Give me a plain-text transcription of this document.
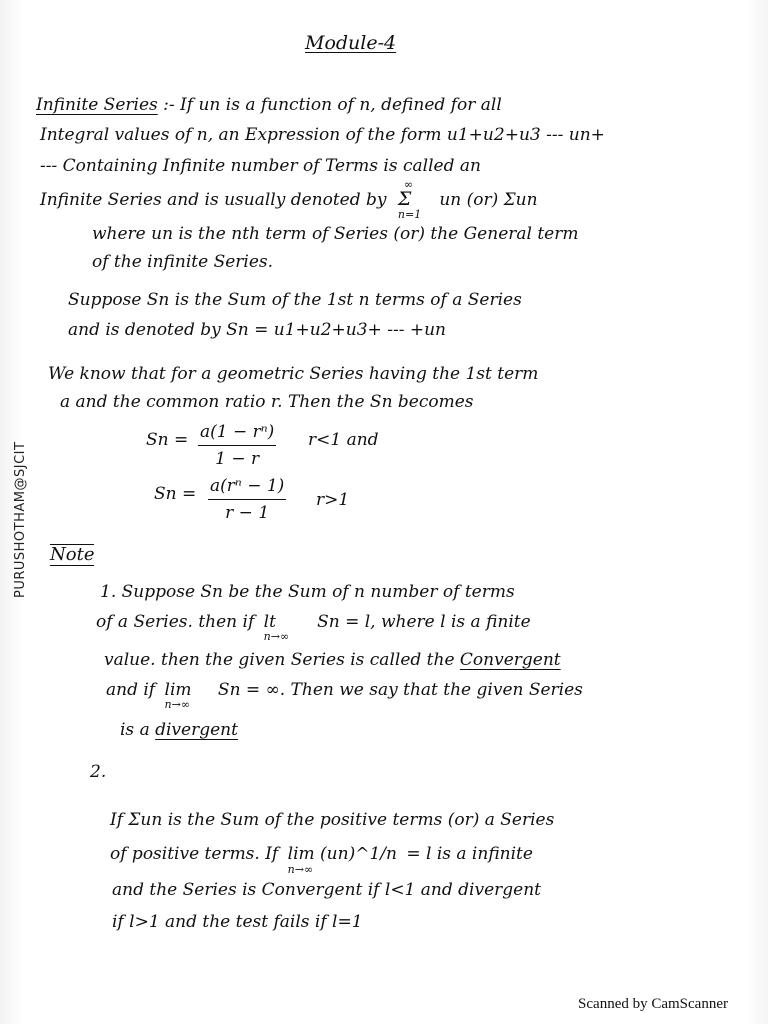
PURUSHOTHAM@SJCIT
Module-4
Infinite Series :- If un is a function of n, defined for all
Integral values of n, an Expression of the form u1+u2+u3 --- un+
--- Containing Infinite number of Terms is called an
Infinite Series and is usually denoted by
∞
Σ
n=1
un (or) Σun
where un is the nth term of Series (or) the General term
of the infinite Series.
Suppose Sn is the Sum of the 1st n terms of a Series
and is denoted by Sn = u1+u2+u3+ --- +un
We know that for a geometric Series having the 1st term
a and the common ratio r. Then the Sn becomes
$Sn = \frac{\text{a(1 − rⁿ)}}{1 - r} r<1$ and
$Sn = \frac{\text{a(rⁿ − 1)}}{r - 1} r>1$
Note
1. Suppose Sn be the Sum of n number of terms
of a Series. then if lt
n→∞
Sn = l, where l is a finite
value. then the given Series is called the Convergent
and if lim
n→∞
Sn = ∞. Then we say that the given Series
is a divergent
2.
If Σun is the Sum of the positive terms (or) a Series
of positive terms. If lim (un)^1/n
n→∞
= l is a infinite
and the Series is Convergent if l<1 and divergent
if l>1 and the test fails if l=1
Scanned by CamScanner
